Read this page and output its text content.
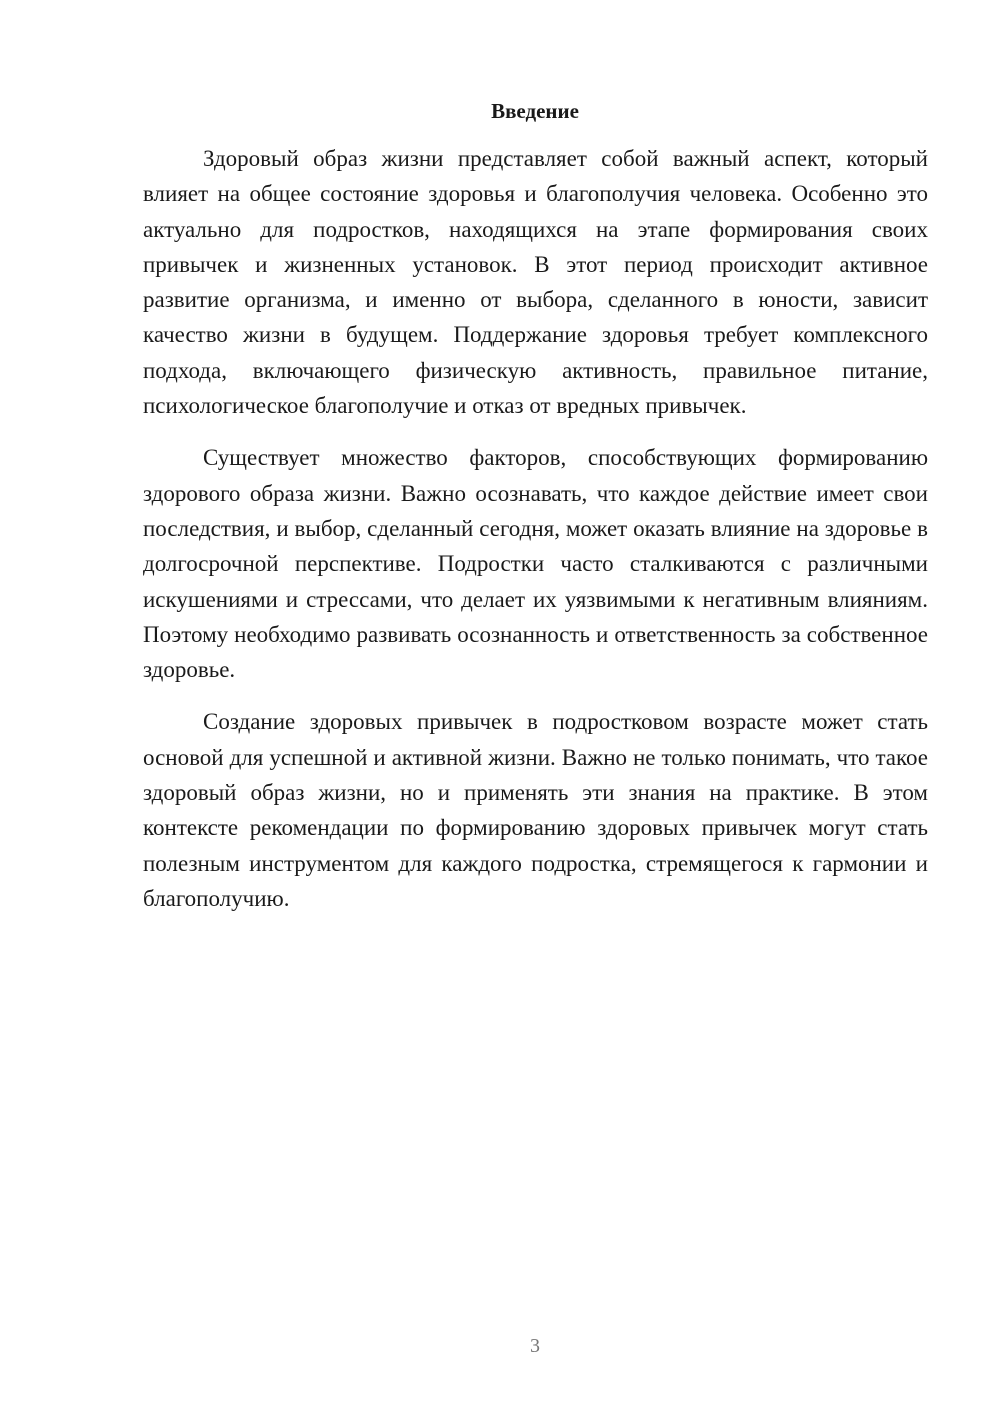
Введение

Здоровый образ жизни представляет собой важный аспект, который влияет на общее состояние здоровья и благополучия человека. Особенно это актуально для подростков, находящихся на этапе формирования своих привычек и жизненных установок. В этот период происходит активное развитие организма, и именно от выбора, сделанного в юности, зависит качество жизни в будущем. Поддержание здоровья требует комплексного подхода, включающего физическую активность, правильное питание, психологическое благополучие и отказ от вредных привычек.

Существует множество факторов, способствующих формированию здорового образа жизни. Важно осознавать, что каждое действие имеет свои последствия, и выбор, сделанный сегодня, может оказать влияние на здоровье в долгосрочной перспективе. Подростки часто сталкиваются с различными искушениями и стрессами, что делает их уязвимыми к негативным влияниям. Поэтому необходимо развивать осознанность и ответственность за собственное здоровье.

Создание здоровых привычек в подростковом возрасте может стать основой для успешной и активной жизни. Важно не только понимать, что такое здоровый образ жизни, но и применять эти знания на практике. В этом контексте рекомендации по формированию здоровых привычек могут стать полезным инструментом для каждого подростка, стремящегося к гармонии и благополучию.

3
